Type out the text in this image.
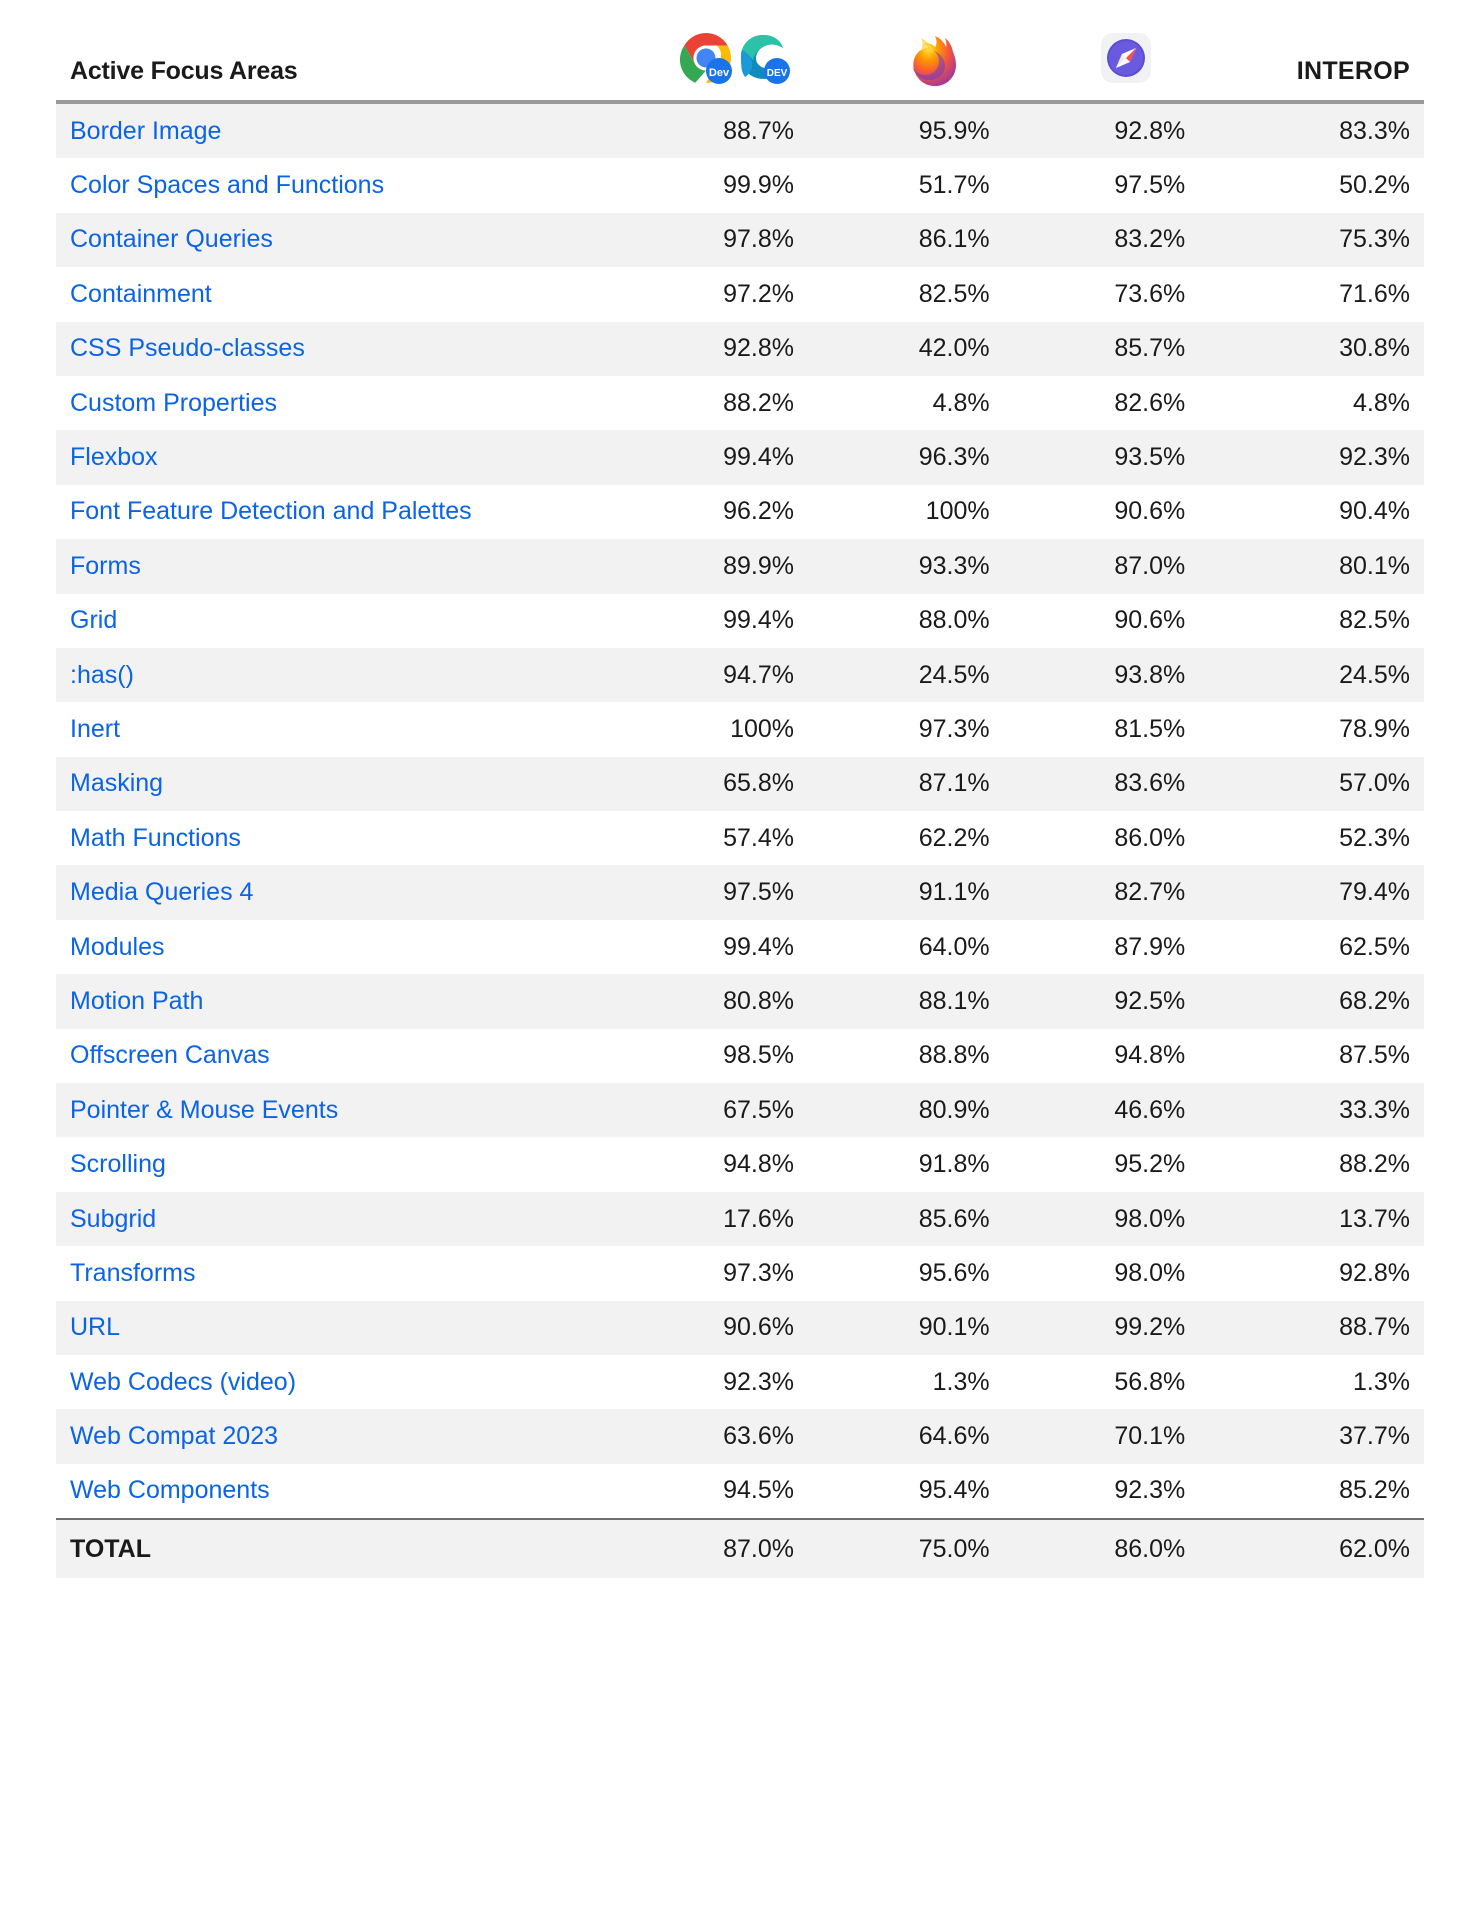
Active Focus Areas	Dev DEV			INTEROP
Border Image	88.7%	95.9%	92.8%	83.3%
Color Spaces and Functions	99.9%	51.7%	97.5%	50.2%
Container Queries	97.8%	86.1%	83.2%	75.3%
Containment	97.2%	82.5%	73.6%	71.6%
CSS Pseudo-classes	92.8%	42.0%	85.7%	30.8%
Custom Properties	88.2%	4.8%	82.6%	4.8%
Flexbox	99.4%	96.3%	93.5%	92.3%
Font Feature Detection and Palettes	96.2%	100%	90.6%	90.4%
Forms	89.9%	93.3%	87.0%	80.1%
Grid	99.4%	88.0%	90.6%	82.5%
:has()	94.7%	24.5%	93.8%	24.5%
Inert	100%	97.3%	81.5%	78.9%
Masking	65.8%	87.1%	83.6%	57.0%
Math Functions	57.4%	62.2%	86.0%	52.3%
Media Queries 4	97.5%	91.1%	82.7%	79.4%
Modules	99.4%	64.0%	87.9%	62.5%
Motion Path	80.8%	88.1%	92.5%	68.2%
Offscreen Canvas	98.5%	88.8%	94.8%	87.5%
Pointer & Mouse Events	67.5%	80.9%	46.6%	33.3%
Scrolling	94.8%	91.8%	95.2%	88.2%
Subgrid	17.6%	85.6%	98.0%	13.7%
Transforms	97.3%	95.6%	98.0%	92.8%
URL	90.6%	90.1%	99.2%	88.7%
Web Codecs (video)	92.3%	1.3%	56.8%	1.3%
Web Compat 2023	63.6%	64.6%	70.1%	37.7%
Web Components	94.5%	95.4%	92.3%	85.2%
TOTAL	87.0%	75.0%	86.0%	62.0%
